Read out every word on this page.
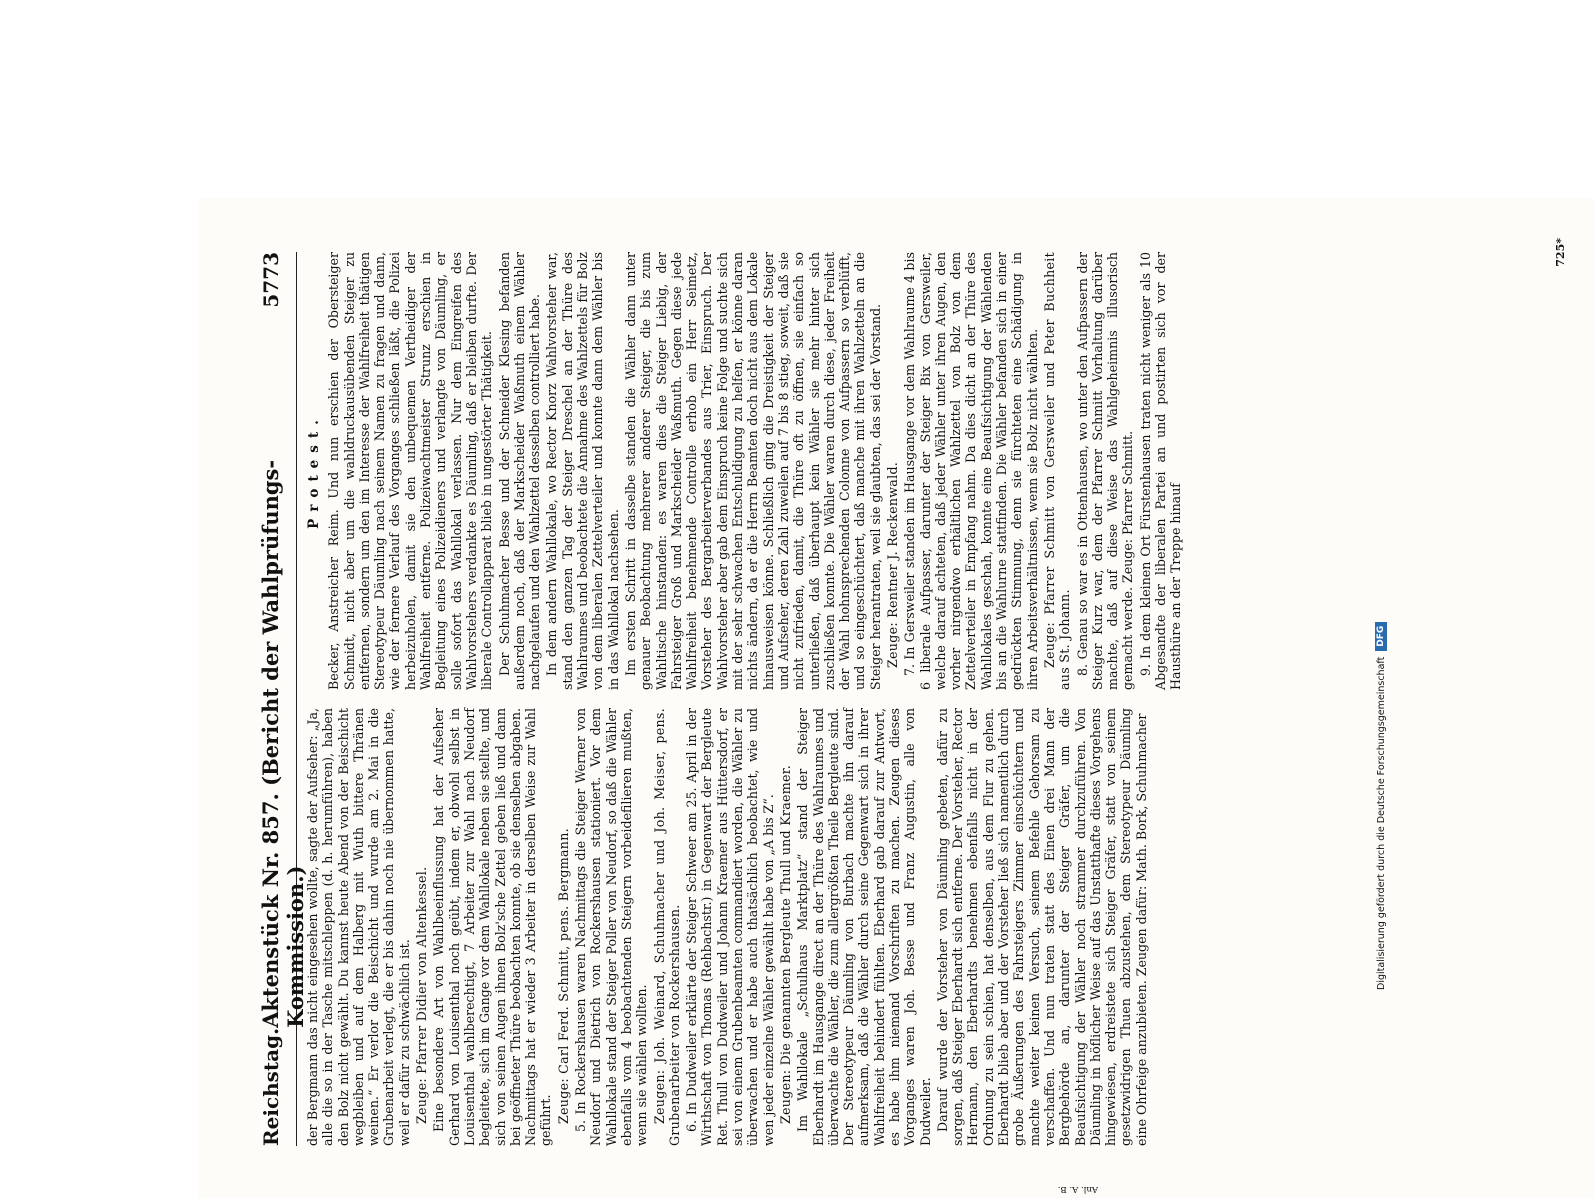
Reichstag.
Aktenstück Nr. 857. (Bericht der Wahlprüfungs-Kommission.)
5773

der Bergmann das nicht eingesehen wollte, sagte der Aufseher: „Ja, alle die so in der Tasche mitschleppen (d. h. herumführen), haben den Bolz nicht gewählt. Du kannst heute Abend von der Beischicht wegbleiben und auf dem Halberg mit Wuth bittere Thränen weinen.“ Er verlor die Beischicht und wurde am 2. Mai in die Grubenarbeit verlegt, die er bis dahin noch nie übernommen hatte, weil er dafür zu schwächlich ist. Zeuge: Pfarrer Didier von Altenkessel. Eine besondere Art von Wahlbeeinflussung hat der Aufseher Gerhard von Louisenthal noch geübt, indem er, obwohl selbst in Louisenthal wahlberechtigt, 7 Arbeiter zur Wahl nach Neudorf begleitete, sich im Gange vor dem Wahllokale neben sie stellte, und sich von seinen Augen ihnen Bolz'sche Zettel geben ließ und dann bei geöffneter Thüre beobachten konnte, ob sie denselben abgaben. Nachmittags hat er wieder 3 Arbeiter in derselben Weise zur Wahl geführt. Zeuge: Carl Ferd. Schmitt, pens. Bergmann. 5. In Rockershausen waren Nachmittags die Steiger Werner von Neudorf und Dietrich von Rockershausen stationiert. Vor dem Wahllokale stand der Steiger Poller von Neudorf, so daß die Wähler ebenfalls vom 4 beobachtenden Steigern vorbeidefilieren mußten, wenn sie wählen wollten. Zeugen: Joh. Weinard, Schuhmacher und Joh. Meiser, pens. Grubenarbeiter von Rockershausen. 6. In Dudweiler erklärte der Steiger Schweer am 25. April in der Wirthschaft von Thomas (Rehbachstr.) in Gegenwart der Bergleute Ret. Thull von Dudweiler und Johann Kraemer aus Hüttersdorf, er sei von einem Grubenbeamten commandiert worden, die Wähler zu überwachen und er habe auch thatsächlich beobachtet, wie und wen jeder einzelne Wähler gewählt habe von „A bis Z“. Zeugen: Die genannten Bergleute Thull und Kraemer. Im Wahllokale „Schulhaus Marktplatz“ stand der Steiger Eberhardt im Hausgange direct an der Thüre des Wahlraumes und überwachte die Wähler, die zum allergrößten Theile Bergleute sind. Der Stereotypeur Däumling von Burbach machte ihn darauf aufmerksam, daß die Wähler durch seine Gegenwart sich in ihrer Wahlfreiheit behindert fühlten. Eberhard gab darauf zur Antwort, es habe ihm niemand Vorschriften zu machen. Zeugen dieses Vorganges waren Joh. Besse und Franz Augustin, alle von Dudweiler. Darauf wurde der Vorsteher von Däumling gebeten, dafür zu sorgen, daß Steiger Eberhardt sich entferne. Der Vorsteher, Rector Hermann, den Eberhardts benehmen ebenfalls nicht in der Ordnung zu sein schien, hat denselben, aus dem Flur zu gehen. Eberhardt blieb aber und der Vorsteher ließ sich namentlich durch grobe Äußerungen des Fahrsteigers Zimmer einschüchtern und machte weiter keinen Versuch, seinem Befehle Gehorsam zu verschaffen. Und nun traten statt des Einen drei Mann der Bergbehörde an, darunter der Steiger Gräfer, um die Beaufsichtigung der Wähler noch strammer durchzuführen. Von Däumling in höflicher Weise auf das Unstatthafte dieses Vorgehens hingewiesen, erdreistete sich Steiger Gräfer, statt von seinem gesetzwidrigen Thuen abzustehen, dem Stereotypeur Däumling eine Ohrfeige anzubieten. Zeugen dafür: Math. Bork, Schuhmacher

Protest. Becker, Anstreicher Reim. Und nun erschien der Obersteiger Schmidt, nicht aber um die wahldruckausübenden Steiger zu entfernen, sondern um den im Interesse der Wahlfreiheit thätigen Stereotypeur Däumling nach seinem Namen zu fragen und dann, wie der fernere Verlauf des Vorganges schließen läßt, die Polizei herbeizuholen, damit sie den unbequemen Vertheidiger der Wahlfreiheit entferne. Polizeiwachtmeister Strunz erschien in Begleitung eines Polizeidieners und verlangte von Däumling, er solle sofort das Wahllokal verlassen. Nur dem Eingreifen des Wahlvorstehers verdankte es Däumling, daß er bleiben durfte. Der liberale Controllapparat blieb in ungestörter Thätigkeit. Der Schuhmacher Besse und der Schneider Klesing befanden außerdem noch, daß der Markscheider Waßmuth einem Wähler nachgelaufen und den Wahlzettel desselben controlliert habe. In dem andern Wahllokale, wo Rector Knorz Wahlvorsteher war, stand den ganzen Tag der Steiger Dreschel an der Thüre des Wahlraumes und beobachtete die Annahme des Wahlzettels für Bolz von dem liberalen Zettelverteiler und konnte dann dem Wähler bis in das Wahllokal nachsehen. Im ersten Schritt in dasselbe standen die Wähler dann unter genauer Beobachtung mehrerer anderer Steiger, die bis zum Wahltische hinstanden: es waren dies die Steiger Liebig, der Fahrsteiger Groß und Markscheider Waßmuth. Gegen diese jede Wahlfreiheit benehmende Controlle erhob ein Herr Seimetz, Vorsteher des Bergarbeiterverbandes aus Trier, Einspruch. Der Wahlvorsteher aber gab dem Einspruch keine Folge und suchte sich mit der sehr schwachen Entschuldigung zu helfen, er könne daran nichts ändern, da er die Herrn Beamten doch nicht aus dem Lokale hinausweisen könne. Schließlich ging die Dreistigkeit der Steiger und Aufseher, deren Zahl zuweilen auf 7 bis 8 stieg, soweit, daß sie nicht zufrieden, damit, die Thüre oft zu öffnen, sie einfach so unterließen, daß überhaupt kein Wähler sie mehr hinter sich zuschließen konnte. Die Wähler waren durch diese, jeder Freiheit der Wahl hohnsprechenden Colonne von Aufpassern so verblüfft, und so eingeschüchtert, daß manche mit ihren Wahlzetteln an die Steiger herantraten, weil sie glaubten, das sei der Vorstand. Zeuge: Rentner J. Reckenwald. 7. In Gersweiler standen im Hausgange vor dem Wahlraume 4 bis 6 liberale Aufpasser, darunter der Steiger Bix von Gersweiler, welche darauf achteten, daß jeder Wähler unter ihren Augen, den vorher nirgendwo erhältlichen Wahlzettel von Bolz von dem Zettelverteiler in Empfang nahm. Da dies dicht an der Thüre des Wahllokales geschah, konnte eine Beaufsichtigung der Wählenden bis an die Wahlurne stattfinden. Die Wähler befanden sich in einer gedrückten Stimmung, denn sie fürchteten eine Schädigung in ihren Arbeitsverhältnissen, wenn sie Bolz nicht wählten. Zeuge: Pfarrer Schmitt von Gersweiler und Peter Buchheit aus St. Johann. 8. Genau so war es in Ottenhausen, wo unter den Aufpassern der Steiger Kurz war, dem der Pfarrer Schmitt Vorhaltung darüber machte, daß auf diese Weise das Wahlgeheimnis illusorisch gemacht werde. Zeuge: Pfarrer Schmitt. 9. In dem kleinen Ort Fürstenhausen traten nicht weniger als 10 Abgesandte der liberalen Partei an und postirten sich vor der Hausthüre an der Treppe hinauf

Anl. A. B.
725*
Digitalisierung gefördert durch die Deutsche Forschungsgemeinschaft
DFG
